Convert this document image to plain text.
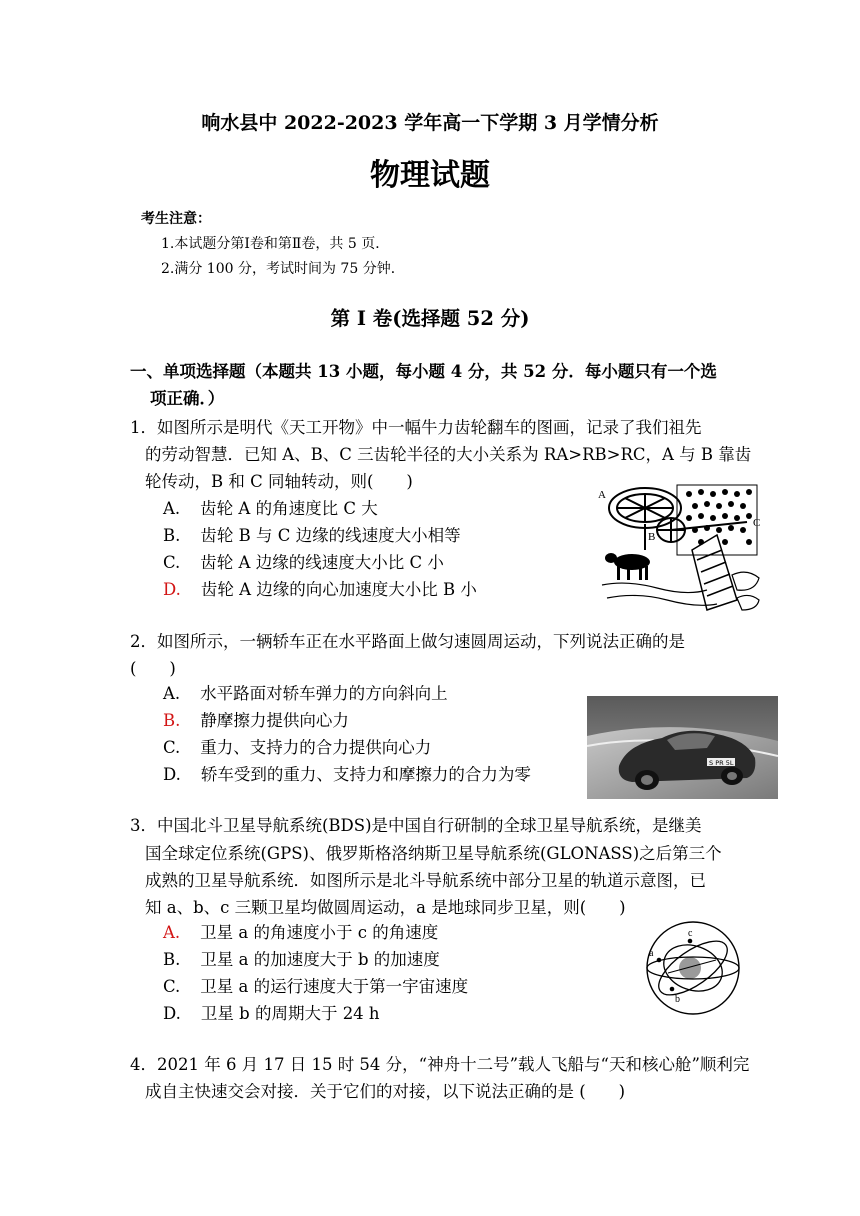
响水县中 2022-2023 学年高一下学期 3 月学情分析
物理试题
考生注意：
1.本试题分第Ⅰ卷和第Ⅱ卷，共 5 页．
2.满分 100 分，考试时间为 75 分钟．
第 I 卷(选择题 52 分)
一、单项选择题（本题共 13 小题，每小题 4 分，共 52 分．每小题只有一个选
项正确．）
1．如图所示是明代《天工开物》中一幅牛力齿轮翻车的图画，记录了我们祖先
的劳动智慧．已知 A、B、C 三齿轮半径的大小关系为 RA>RB>RC，A 与 B 靠齿
轮传动，B 和 C 同轴转动，则(　　)
A. 齿轮 A 的角速度比 C 大
B. 齿轮 B 与 C 边缘的线速度大小相等
C. 齿轮 A 边缘的线速度大小比 C 小
D. 齿轮 A 边缘的向心加速度大小比 B 小
A
B
C
2．如图所示，一辆轿车正在水平路面上做匀速圆周运动，下列说法正确的是
(　　)
A. 水平路面对轿车弹力的方向斜向上
B. 静摩擦力提供向心力
C. 重力、支持力的合力提供向心力
D. 轿车受到的重力、支持力和摩擦力的合力为零
S PR 5L
3．中国北斗卫星导航系统(BDS)是中国自行研制的全球卫星导航系统，是继美
国全球定位系统(GPS)、俄罗斯格洛纳斯卫星导航系统(GLONASS)之后第三个
成熟的卫星导航系统．如图所示是北斗导航系统中部分卫星的轨道示意图，已
知 a、b、c 三颗卫星均做圆周运动，a 是地球同步卫星，则(　　)
A. 卫星 a 的角速度小于 c 的角速度
B. 卫星 a 的加速度大于 b 的加速度
C. 卫星 a 的运行速度大于第一宇宙速度
D. 卫星 b 的周期大于 24 h
a
c
b
4．2021 年 6 月 17 日 15 时 54 分，“神舟十二号”载人飞船与“天和核心舱”顺利完
成自主快速交会对接．关于它们的对接，以下说法正确的是 (　　)
